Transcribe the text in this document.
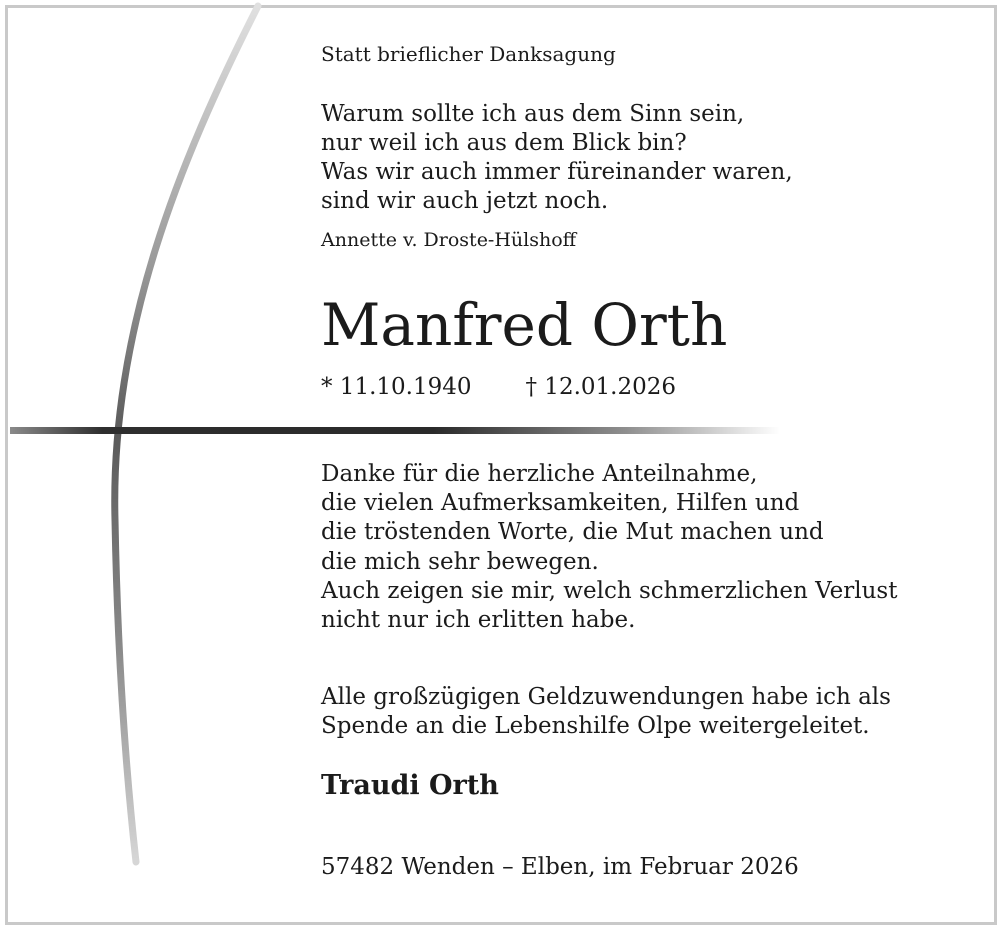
Statt brieflicher Danksagung

Warum sollte ich aus dem Sinn sein,
nur weil ich aus dem Blick bin?
Was wir auch immer füreinander waren,
sind wir auch jetzt noch.

Annette v. Droste-Hülshoff

Manfred Orth

* 11.10.1940 † 12.01.2026

Danke für die herzliche Anteilnahme,
die vielen Aufmerksamkeiten, Hilfen und
die tröstenden Worte, die Mut machen und
die mich sehr bewegen.
Auch zeigen sie mir, welch schmerzlichen Verlust
nicht nur ich erlitten habe.
Alle großzügigen Geldzuwendungen habe ich als
Spende an die Lebenshilfe Olpe weitergeleitet.

Traudi Orth

57482 Wenden – Elben, im Februar 2026
